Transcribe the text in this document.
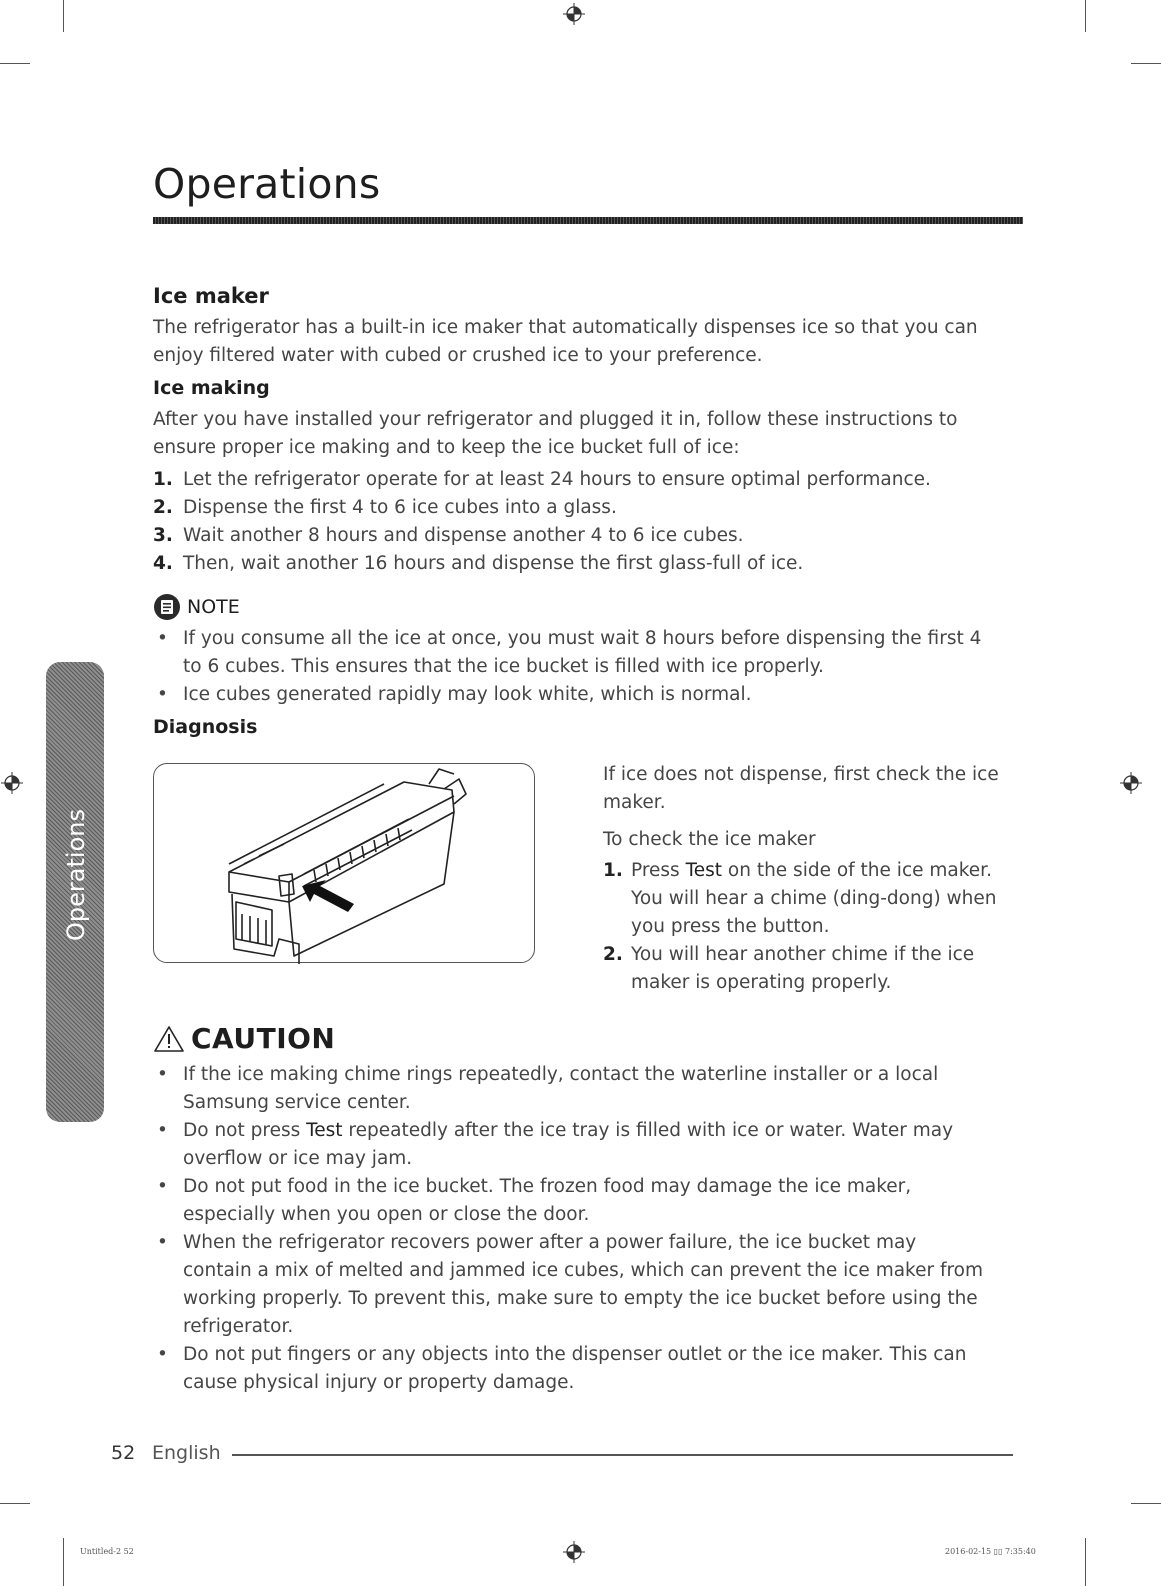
Operations
Operations
Ice maker

The refrigerator has a built-in ice maker that automatically dispenses ice so that you can
enjoy filtered water with cubed or crushed ice to your preference.

Ice making

After you have installed your refrigerator and plugged it in, follow these instructions to
ensure proper ice making and to keep the ice bucket full of ice:

1. Let the refrigerator operate for at least 24 hours to ensure optimal performance.
2. Dispense the first 4 to 6 ice cubes into a glass.
3. Wait another 8 hours and dispense another 4 to 6 ice cubes.
4. Then, wait another 16 hours and dispense the first glass-full of ice.
NOTE
• If you consume all the ice at once, you must wait 8 hours before dispensing the first 4
to 6 cubes. This ensures that the ice bucket is filled with ice properly.
• Ice cubes generated rapidly may look white, which is normal.
Diagnosis

If ice does not dispense, first check the ice
maker.

To check the ice maker

1. Press Test on the side of the ice maker.
You will hear a chime (ding-dong) when
you press the button.
2. You will hear another chime if the ice
maker is operating properly.
CAUTION
• If the ice making chime rings repeatedly, contact the waterline installer or a local
Samsung service center.
• Do not press Test repeatedly after the ice tray is filled with ice or water. Water may
overflow or ice may jam.
• Do not put food in the ice bucket. The frozen food may damage the ice maker,
especially when you open or close the door.
• When the refrigerator recovers power after a power failure, the ice bucket may
contain a mix of melted and jammed ice cubes, which can prevent the ice maker from
working properly. To prevent this, make sure to empty the ice bucket before using the
refrigerator.
• Do not put fingers or any objects into the dispenser outlet or the ice maker. This can
cause physical injury or property damage.
52 English
Untitled-2 52	2016-02-15 ▯▯ 7:35:40
